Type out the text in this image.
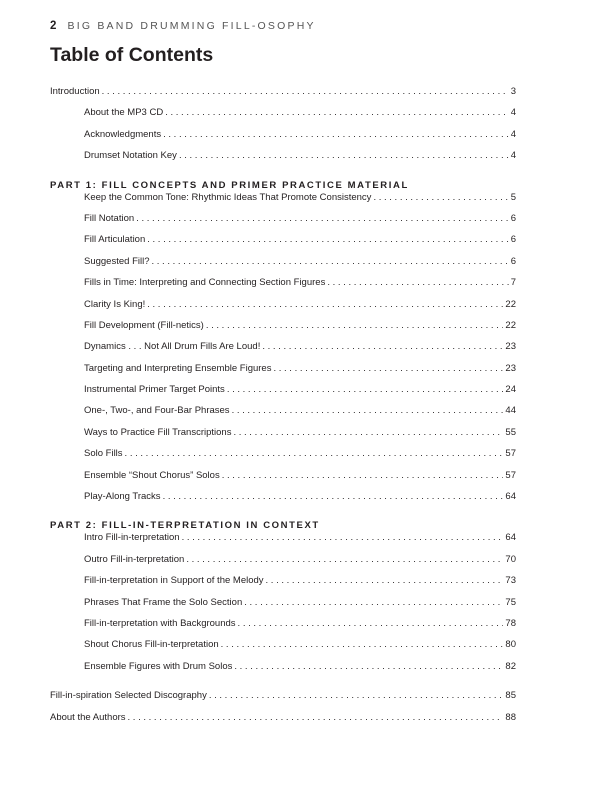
2 BIG BAND DRUMMING FILL-OSOPHY
Table of Contents
Introduction . . .	3
About the MP3 CD . . .	4
Acknowledgments . . .	4
Drumset Notation Key . . .	4
PART 1: FILL CONCEPTS AND PRIMER PRACTICE MATERIAL
Keep the Common Tone: Rhythmic Ideas That Promote Consistency . . .	5
Fill Notation . . .	6
Fill Articulation . . .	6
Suggested Fill? . . .	6
Fills in Time: Interpreting and Connecting Section Figures . . .	7
Clarity Is King! . . .	22
Fill Development (Fill-netics) . . .	22
Dynamics . . . Not All Drum Fills Are Loud! . . .	23
Targeting and Interpreting Ensemble Figures . . .	23
Instrumental Primer Target Points . . .	24
One-, Two-, and Four-Bar Phrases . . .	44
Ways to Practice Fill Transcriptions . . .	55
Solo Fills . . .	57
Ensemble “Shout Chorus” Solos . . .	57
Play-Along Tracks . . .	64
PART 2: FILL-IN-TERPRETATION IN CONTEXT
Intro Fill-in-terpretation . . .	64
Outro Fill-in-terpretation . . .	70
Fill-in-terpretation in Support of the Melody . . .	73
Phrases That Frame the Solo Section . . .	75
Fill-in-terpretation with Backgrounds . . .	78
Shout Chorus Fill-in-terpretation . . .	80
Ensemble Figures with Drum Solos . . .	82
Fill-in-spiration Selected Discography . . .	85
About the Authors . . .	88
